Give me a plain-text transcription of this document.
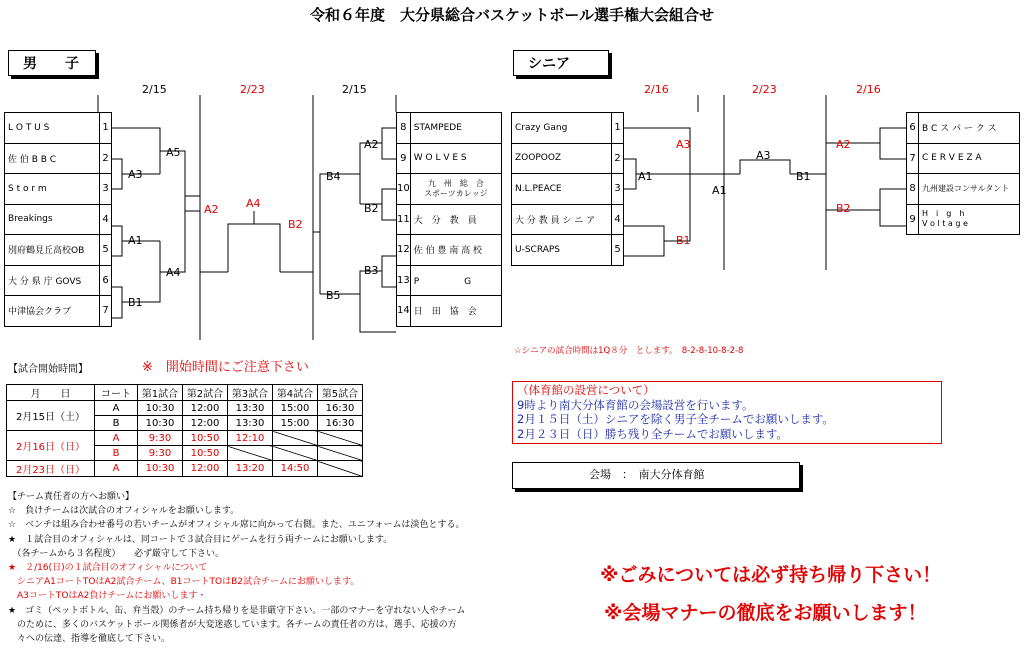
令和６年度　大分県総合バスケットボール選手権大会組合せ
男　　子
2/15	2/23	2/15
L O T U S	1
佐 伯 B B C	2
S t o r m	3
Breakings	4
別府鶴見丘高校OB	5
大 分 県 庁 GOVS	6
中津協会クラブ	7
8	STAMPEDE
9	W O L V E S
10	九　州　総　合
スポーツカレッジ
11	大　分　教　員
12	佐 伯 豊 南 高 校
13	P　　　　　G
14	日　田　協　会
A5
A3
A1
A4
B1
A2 A4
B2
B4
A2
B2
B3
B5
シニア
2/16	2/23	2/16
Crazy Gang	1
ZOOPOOZ	2
N.L.PEACE	3
大 分 教 員 シ ニ ア	4
U-SCRAPS	5
6	B C ス パ ー ク ス
7	C E R V E Z A
8	九州建設コンサルタント
9	H　i　g　h
V o l t a g e
A3
A1
B1
A1
A3
B1
A2
B2
☆シニアの試合時間は1Q８分　とします。　8-2-8-10-8-2-8
【試合開始時間】	※　開始時間にご注意下さい
月　　日	コート	第1試合	第2試合	第3試合	第4試合	第5試合
2月15日（土）	A	10:30	12:00	13:30	15:00	16:30
	B	10:30	12:00	13:30	15:00	16:30
2月16日（日）	A	9:30	10:50	12:10		
	B	9:30	10:50			
2月23日（日）	A	10:30	12:00	13:20	14:50	
（体育館の設営について）
9時より南大分体育館の会場設営を行います。
2月１５日（土）シニアを除く男子全チームでお願いします。
2月２３日（日）勝ち残り全チームでお願いします。
会場　：　南大分体育館
【チーム責任者の方へお願い】
☆　負けチームは次試合のオフィシャルをお願いします。
☆　ベンチは組み合わせ番号の若いチームがオフィシャル席に向かって右側。また、ユニフォームは淡色とする。
★　１試合目のオフィシャルは、同コートで３試合目にゲームを行う両チームにお願いします。
　（各チームから３名程度）　　必ず厳守して下さい。
★　２/16(日)の１試合目のオフィシャルについて
　シニアA1コートTOはA2試合チーム、B1コートTOはB2試合チームにお願いします。
　A3コートTOはA2負けチームにお願いします・
★　ゴミ（ペットボトル、缶、弁当殻）のチーム持ち帰りを是非厳守下さい。一部のマナーを守れない人やチーム
　のために、多くのバスケットボール関係者が大変迷惑しています。各チームの責任者の方は、選手、応援の方
　々への伝達、指導を徹底して下さい。
※ごみについては必ず持ち帰り下さい！
※会場マナーの徹底をお願いします！
